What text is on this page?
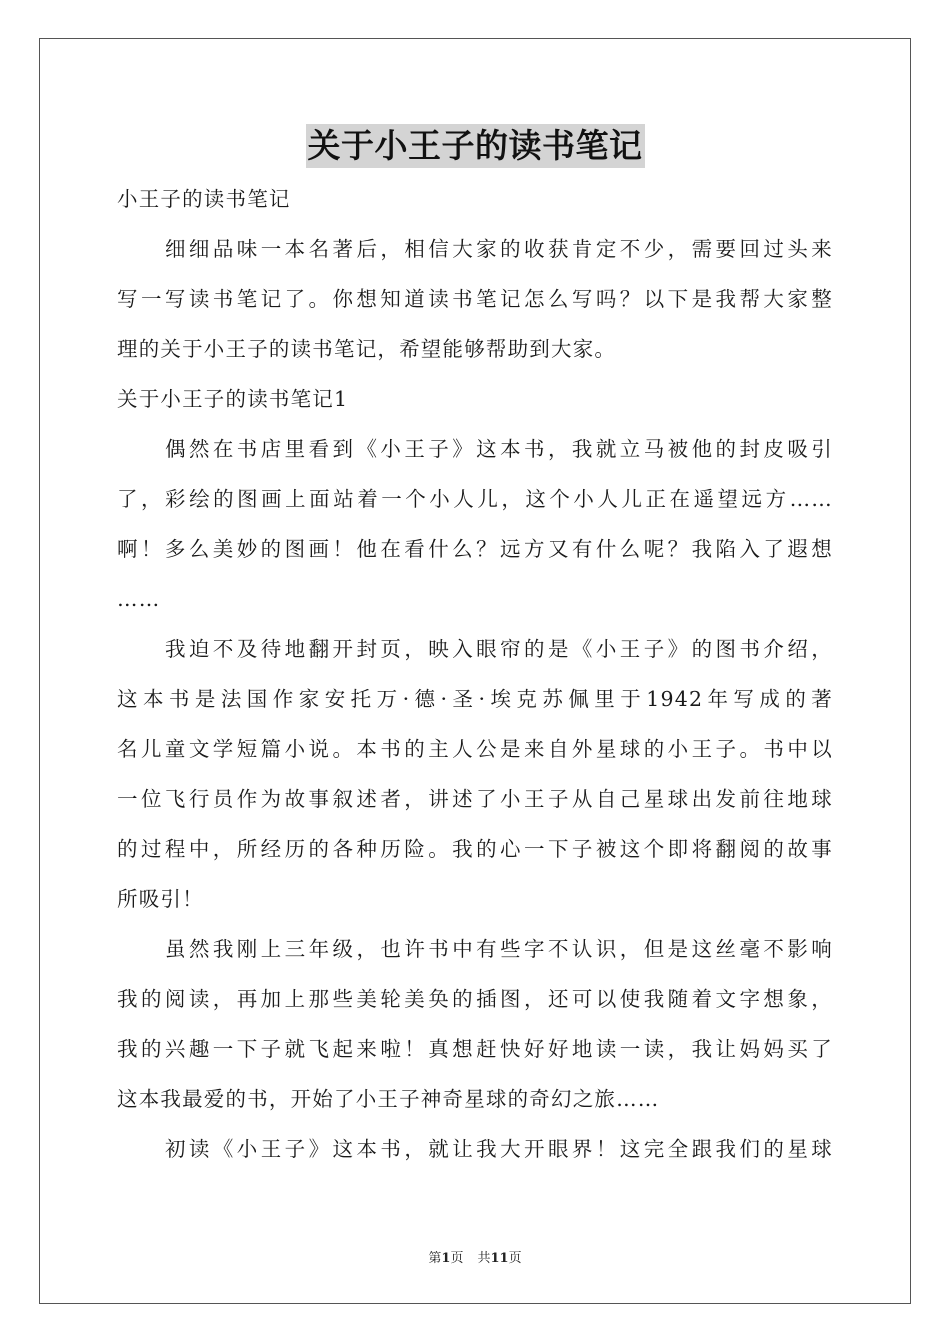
关于小王子的读书笔记
小王子的读书笔记
细细品味一本名著后，相信大家的收获肯定不少，需要回过头来
写一写读书笔记了。你想知道读书笔记怎么写吗？以下是我帮大家整
理的关于小王子的读书笔记，希望能够帮助到大家。
关于小王子的读书笔记1
偶然在书店里看到《小王子》这本书，我就立马被他的封皮吸引
了，彩绘的图画上面站着一个小人儿，这个小人儿正在遥望远方……
啊！多么美妙的图画！他在看什么？远方又有什么呢？我陷入了遐想
……
我迫不及待地翻开封页，映入眼帘的是《小王子》的图书介绍，
这本书是法国作家安托万·德·圣·埃克苏佩里于1942年写成的著
名儿童文学短篇小说。本书的主人公是来自外星球的小王子。书中以
一位飞行员作为故事叙述者，讲述了小王子从自己星球出发前往地球
的过程中，所经历的各种历险。我的心一下子被这个即将翻阅的故事
所吸引！
虽然我刚上三年级，也许书中有些字不认识，但是这丝毫不影响
我的阅读，再加上那些美轮美奂的插图，还可以使我随着文字想象，
我的兴趣一下子就飞起来啦！真想赶快好好地读一读，我让妈妈买了
这本我最爱的书，开始了小王子神奇星球的奇幻之旅……
初读《小王子》这本书，就让我大开眼界！这完全跟我们的星球
第1页 共11页
